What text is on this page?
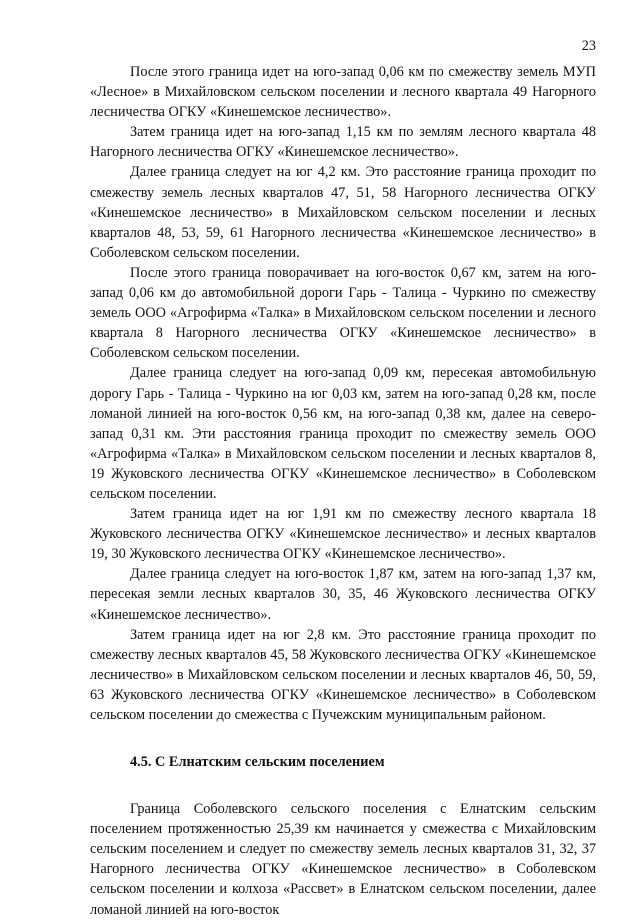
23

После этого граница идет на юго-запад 0,06 км по смежеству земель МУП «Лесное» в Михайловском сельском поселении и лесного квартала 49 Нагорного лесничества ОГКУ «Кинешемское лесничество».

Затем граница идет на юго-запад 1,15 км по землям лесного квартала 48 Нагорного лесничества ОГКУ «Кинешемское лесничество».

Далее граница следует на юг 4,2 км. Это расстояние граница проходит по смежеству земель лесных кварталов 47, 51, 58 Нагорного лесничества ОГКУ «Кинешемское лесничество» в Михайловском сельском поселении и лесных кварталов 48, 53, 59, 61 Нагорного лесничества «Кинешемское лесничество» в Соболевском сельском поселении.

После этого граница поворачивает на юго-восток 0,67 км, затем на юго-запад 0,06 км до автомобильной дороги Гарь - Талица - Чуркино по смежеству земель ООО «Агрофирма «Талка» в Михайловском сельском поселении и лесного квартала 8 Нагорного лесничества ОГКУ «Кинешемское лесничество» в Соболевском сельском поселении.

Далее граница следует на юго-запад 0,09 км, пересекая автомобильную дорогу Гарь - Талица - Чуркино на юг 0,03 км, затем на юго-запад 0,28 км, после ломаной линией на юго-восток 0,56 км, на юго-запад 0,38 км, далее на северо-запад 0,31 км. Эти расстояния граница проходит по смежеству земель ООО «Агрофирма «Талка» в Михайловском сельском поселении и лесных кварталов 8, 19 Жуковского лесничества ОГКУ «Кинешемское лесничество» в Соболевском сельском поселении.

Затем граница идет на юг 1,91 км по смежеству лесного квартала 18 Жуковского лесничества ОГКУ «Кинешемское лесничество» и лесных кварталов 19, 30 Жуковского лесничества ОГКУ «Кинешемское лесничество».

Далее граница следует на юго-восток 1,87 км, затем на юго-запад 1,37 км, пересекая земли лесных кварталов 30, 35, 46 Жуковского лесничества ОГКУ «Кинешемское лесничество».

Затем граница идет на юг 2,8 км. Это расстояние граница проходит по смежеству лесных кварталов 45, 58 Жуковского лесничества ОГКУ «Кинешемское лесничество» в Михайловском сельском поселении и лесных кварталов 46, 50, 59, 63 Жуковского лесничества ОГКУ «Кинешемское лесничество» в Соболевском сельском поселении до смежества с Пучежским муниципальным районом.

4.5. С Елнатским сельским поселением

Граница Соболевского сельского поселения с Елнатским сельским поселением протяженностью 25,39 км начинается у смежества с Михайловским сельским поселением и следует по смежеству земель лесных кварталов 31, 32, 37 Нагорного лесничества ОГКУ «Кинешемское лесничество» в Соболевском сельском поселении и колхоза «Рассвет» в Елнатском сельском поселении, далее ломаной линией на юго-восток
